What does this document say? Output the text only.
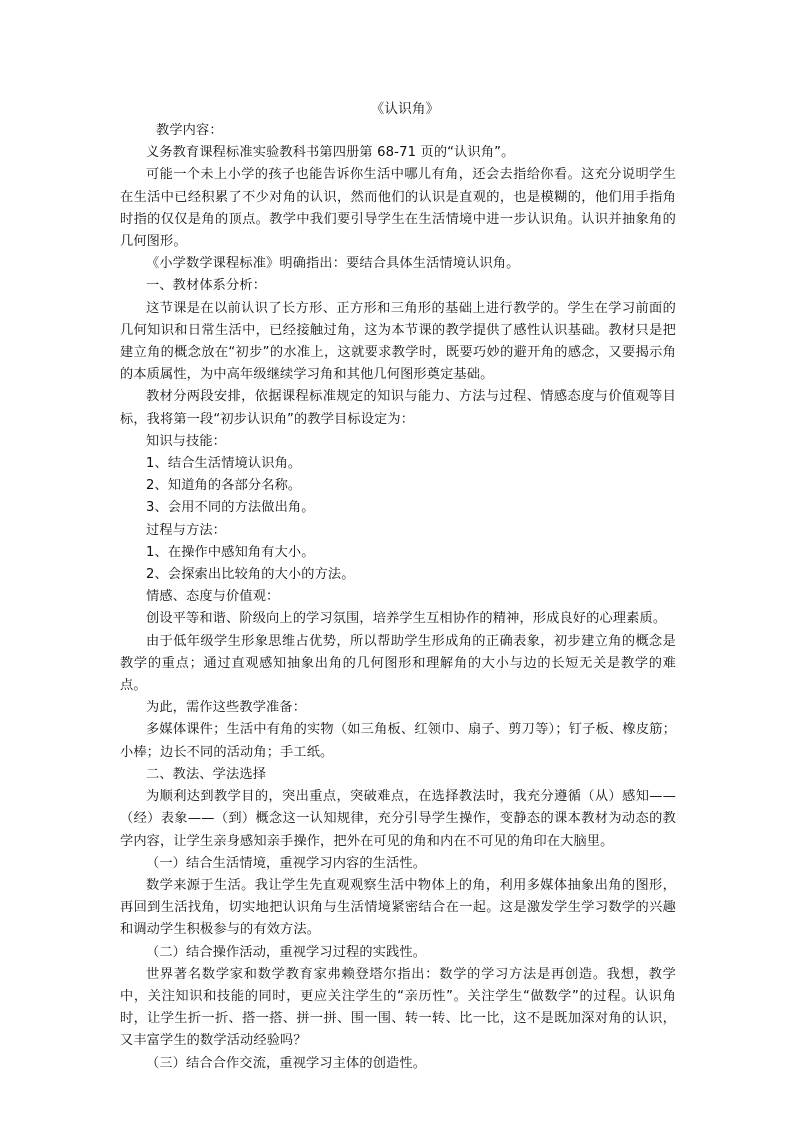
《认识角》

教学内容：

义务教育课程标准实验教科书第四册第 68-71 页的“认识角”。

可能一个未上小学的孩子也能告诉你生活中哪儿有角，还会去指给你看。这充分说明学生在生活中已经积累了不少对角的认识，然而他们的认识是直观的，也是模糊的，他们用手指角时指的仅仅是角的顶点。教学中我们要引导学生在生活情境中进一步认识角。认识并抽象角的几何图形。

《小学数学课程标准》明确指出：要结合具体生活情境认识角。

一、教材体系分析：

这节课是在以前认识了长方形、正方形和三角形的基础上进行教学的。学生在学习前面的几何知识和日常生活中，已经接触过角，这为本节课的教学提供了感性认识基础。教材只是把建立角的概念放在“初步”的水准上，这就要求教学时，既要巧妙的避开角的感念，又要揭示角的本质属性，为中高年级继续学习角和其他几何图形奠定基础。

教材分两段安排，依据课程标准规定的知识与能力、方法与过程、情感态度与价值观等目标，我将第一段“初步认识角”的教学目标设定为：

知识与技能：

1、结合生活情境认识角。

2、知道角的各部分名称。

3、会用不同的方法做出角。

过程与方法：

1、在操作中感知角有大小。

2、会探索出比较角的大小的方法。

情感、态度与价值观：

创设平等和谐、阶级向上的学习氛围，培养学生互相协作的精神，形成良好的心理素质。

由于低年级学生形象思维占优势，所以帮助学生形成角的正确表象，初步建立角的概念是教学的重点；通过直观感知抽象出角的几何图形和理解角的大小与边的长短无关是教学的难点。

为此，需作这些教学准备：

多媒体课件；生活中有角的实物（如三角板、红领巾、扇子、剪刀等）；钉子板、橡皮筋；小棒；边长不同的活动角；手工纸。

二、教法、学法选择

为顺利达到教学目的，突出重点，突破难点，在选择教法时，我充分遵循（从）感知——（经）表象——（到）概念这一认知规律，充分引导学生操作，变静态的课本教材为动态的教学内容，让学生亲身感知亲手操作，把外在可见的角和内在不可见的角印在大脑里。

（一）结合生活情境，重视学习内容的生活性。

数学来源于生活。我让学生先直观观察生活中物体上的角，利用多媒体抽象出角的图形，再回到生活找角，切实地把认识角与生活情境紧密结合在一起。这是激发学生学习数学的兴趣和调动学生积极参与的有效方法。

（二）结合操作活动，重视学习过程的实践性。

世界著名数学家和数学教育家弗赖登塔尔指出：数学的学习方法是再创造。我想，教学中，关注知识和技能的同时，更应关注学生的“亲历性”。关注学生“做数学”的过程。认识角时，让学生折一折、搭一搭、拼一拼、围一围、转一转、比一比，这不是既加深对角的认识，又丰富学生的数学活动经验吗？

（三）结合合作交流，重视学习主体的创造性。
